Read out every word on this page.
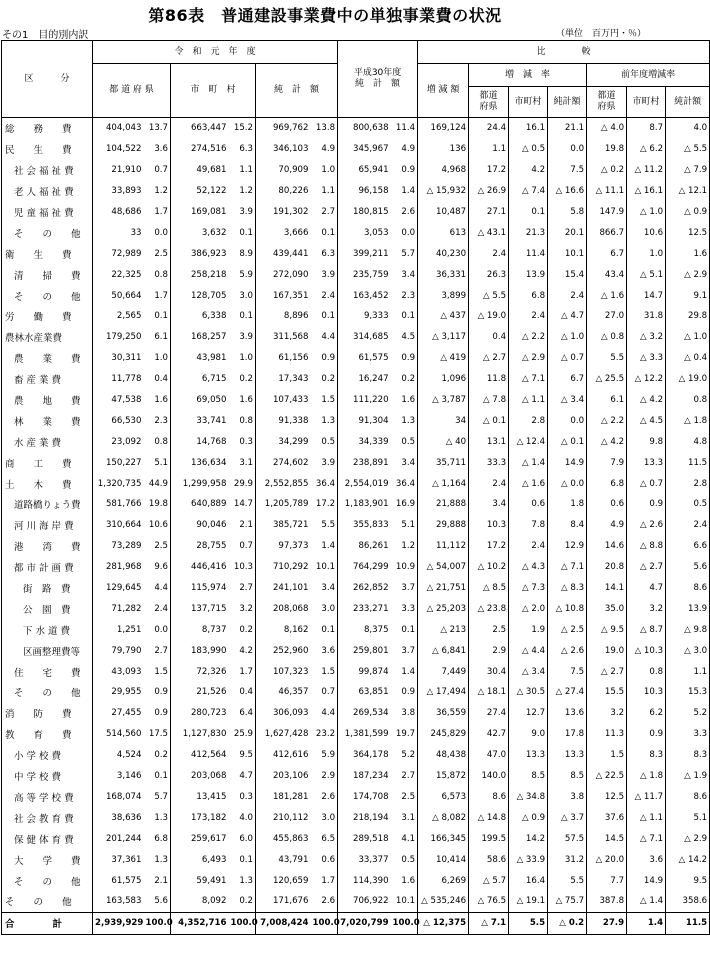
第86表　普通建設事業費中の単独事業費の状況
その1　目的別内訳	（単位　百万円・％）
区　　　分	令　和　元　年　度						平成30年度
純　計　額		比　　　　較						
	都 道 府 県		市　町　村		純　計　額				増 減 額	増　減　率			前年度増減率		
										都道
府県	市町村	純計額	都道
府県	市町村	純計額
総　　務　　費	404,043	13.7	663,447	15.2	969,762	13.8	800,638	11.4	169,124	24.4	16.1	21.1	△ 4.0	8.7	4.0
民　　生　　費	104,522	3.6	274,516	6.3	346,103	4.9	345,967	4.9	136	1.1	△ 0.5	0.0	19.8	△ 6.2	△ 5.5
社 会 福 祉 費	21,910	0.7	49,681	1.1	70,909	1.0	65,941	0.9	4,968	17.2	4.2	7.5	△ 0.2	△ 11.2	△ 7.9
老 人 福 祉 費	33,893	1.2	52,122	1.2	80,226	1.1	96,158	1.4	△ 15,932	△ 26.9	△ 7.4	△ 16.6	△ 11.1	△ 16.1	△ 12.1
児 童 福 祉 費	48,686	1.7	169,081	3.9	191,302	2.7	180,815	2.6	10,487	27.1	0.1	5.8	147.9	△ 1.0	△ 0.9
そ　　の　　他	33	0.0	3,632	0.1	3,666	0.1	3,053	0.0	613	△ 43.1	21.3	20.1	866.7	10.6	12.5
衛　　生　　費	72,989	2.5	386,923	8.9	439,441	6.3	399,211	5.7	40,230	2.4	11.4	10.1	6.7	1.0	1.6
清　　掃　　費	22,325	0.8	258,218	5.9	272,090	3.9	235,759	3.4	36,331	26.3	13.9	15.4	43.4	△ 5.1	△ 2.9
そ　　の　　他	50,664	1.7	128,705	3.0	167,351	2.4	163,452	2.3	3,899	△ 5.5	6.8	2.4	△ 1.6	14.7	9.1
労　　働　　費	2,565	0.1	6,338	0.1	8,896	0.1	9,333	0.1	△ 437	△ 19.0	2.4	△ 4.7	27.0	31.8	29.8
農林水産業費	179,250	6.1	168,257	3.9	311,568	4.4	314,685	4.5	△ 3,117	0.4	△ 2.2	△ 1.0	△ 0.8	△ 3.2	△ 1.0
農　　業　　費	30,311	1.0	43,981	1.0	61,156	0.9	61,575	0.9	△ 419	△ 2.7	△ 2.9	△ 0.7	5.5	△ 3.3	△ 0.4
畜 産 業 費	11,778	0.4	6,715	0.2	17,343	0.2	16,247	0.2	1,096	11.8	△ 7.1	6.7	△ 25.5	△ 12.2	△ 19.0
農　　地　　費	47,538	1.6	69,050	1.6	107,433	1.5	111,220	1.6	△ 3,787	△ 7.8	△ 1.1	△ 3.4	6.1	△ 4.2	0.8
林　　業　　費	66,530	2.3	33,741	0.8	91,338	1.3	91,304	1.3	34	△ 0.1	2.8	0.0	△ 2.2	△ 4.5	△ 1.8
水 産 業 費	23,092	0.8	14,768	0.3	34,299	0.5	34,339	0.5	△ 40	13.1	△ 12.4	△ 0.1	△ 4.2	9.8	4.8
商　　工　　費	150,227	5.1	136,634	3.1	274,602	3.9	238,891	3.4	35,711	33.3	△ 1.4	14.9	7.9	13.3	11.5
土　　木　　費	1,320,735	44.9	1,299,958	29.9	2,552,855	36.4	2,554,019	36.4	△ 1,164	2.4	△ 1.6	△ 0.0	6.8	△ 0.7	2.8
道路橋りょう費	581,766	19.8	640,889	14.7	1,205,789	17.2	1,183,901	16.9	21,888	3.4	0.6	1.8	0.6	0.9	0.5
河 川 海 岸 費	310,664	10.6	90,046	2.1	385,721	5.5	355,833	5.1	29,888	10.3	7.8	8.4	4.9	△ 2.6	2.4
港　　湾　　費	73,289	2.5	28,755	0.7	97,373	1.4	86,261	1.2	11,112	17.2	2.4	12.9	14.6	△ 8.8	6.6
都 市 計 画 費	281,968	9.6	446,416	10.3	710,292	10.1	764,299	10.9	△ 54,007	△ 10.2	△ 4.3	△ 7.1	20.8	△ 2.7	5.6
街　路　費	129,645	4.4	115,974	2.7	241,101	3.4	262,852	3.7	△ 21,751	△ 8.5	△ 7.3	△ 8.3	14.1	4.7	8.6
公　園　費	71,282	2.4	137,715	3.2	208,068	3.0	233,271	3.3	△ 25,203	△ 23.8	△ 2.0	△ 10.8	35.0	3.2	13.9
下 水 道 費	1,251	0.0	8,737	0.2	8,162	0.1	8,375	0.1	△ 213	2.5	1.9	△ 2.5	△ 9.5	△ 8.7	△ 9.8
区画整理費等	79,790	2.7	183,990	4.2	252,960	3.6	259,801	3.7	△ 6,841	2.9	△ 4.4	△ 2.6	19.0	△ 10.3	△ 3.0
住　　宅　　費	43,093	1.5	72,326	1.7	107,323	1.5	99,874	1.4	7,449	30.4	△ 3.4	7.5	△ 2.7	0.8	1.1
そ　　の　　他	29,955	0.9	21,526	0.4	46,357	0.7	63,851	0.9	△ 17,494	△ 18.1	△ 30.5	△ 27.4	15.5	10.3	15.3
消　　防　　費	27,455	0.9	280,723	6.4	306,093	4.4	269,534	3.8	36,559	27.4	12.7	13.6	3.2	6.2	5.2
教　　育　　費	514,560	17.5	1,127,830	25.9	1,627,428	23.2	1,381,599	19.7	245,829	42.7	9.0	17.8	11.3	0.9	3.3
小 学 校 費	4,524	0.2	412,564	9.5	412,616	5.9	364,178	5.2	48,438	47.0	13.3	13.3	1.5	8.3	8.3
中 学 校 費	3,146	0.1	203,068	4.7	203,106	2.9	187,234	2.7	15,872	140.0	8.5	8.5	△ 22.5	△ 1.8	△ 1.9
高 等 学 校 費	168,074	5.7	13,415	0.3	181,281	2.6	174,708	2.5	6,573	8.6	△ 34.8	3.8	12.5	△ 11.7	8.6
社 会 教 育 費	38,636	1.3	173,182	4.0	210,112	3.0	218,194	3.1	△ 8,082	△ 14.8	△ 0.9	△ 3.7	37.6	△ 1.1	5.1
保 健 体 育 費	201,244	6.8	259,617	6.0	455,863	6.5	289,518	4.1	166,345	199.5	14.2	57.5	14.5	△ 7.1	△ 2.9
大　　学　　費	37,361	1.3	6,493	0.1	43,791	0.6	33,377	0.5	10,414	58.6	△ 33.9	31.2	△ 20.0	3.6	△ 14.2
そ　　の　　他	61,575	2.1	59,491	1.3	120,659	1.7	114,390	1.6	6,269	△ 5.7	16.4	5.5	7.7	14.9	9.5
そ　　の　　他	163,583	5.6	8,092	0.2	171,676	2.6	706,922	10.1	△ 535,246	△ 76.5	△ 19.1	△ 75.7	387.8	△ 1.4	358.6
合　　　　計	2,939,929	100.0	4,352,716	100.0	7,008,424	100.0	7,020,799	100.0	△ 12,375	△ 7.1	5.5	△ 0.2	27.9	1.4	11.5
